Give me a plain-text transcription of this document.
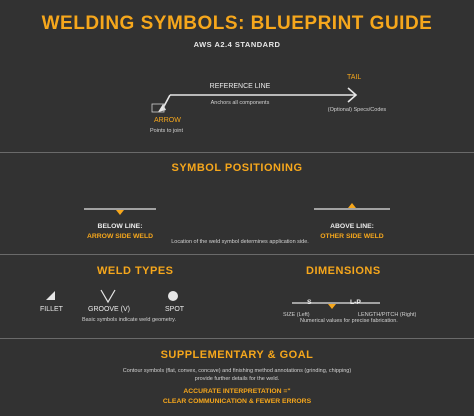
WELDING SYMBOLS: BLUEPRINT GUIDE
AWS A2.4 STANDARD
REFERENCE LINE
Anchors all components
TAIL
(Optional) Specs/Codes
ARROW
Points to joint
SYMBOL POSITIONING
BELOW LINE:
ARROW SIDE WELD
ABOVE LINE:
OTHER SIDE WELD
Location of the weld symbol determines application side.
WELD TYPES
FILLET	GROOVE (V)	SPOT
Basic symbols indicate weld geometry.
DIMENSIONS
S	L-P
SIZE (Left)	LENGTH/PITCH (Right)
Numerical values for precise fabrication.
SUPPLEMENTARY & GOAL
Contour symbols (flat, convex, concave) and finishing method annotations (grinding, chipping)
provide further details for the weld.
ACCURATE INTERPRETATION ="
CLEAR COMMUNICATION & FEWER ERRORS
